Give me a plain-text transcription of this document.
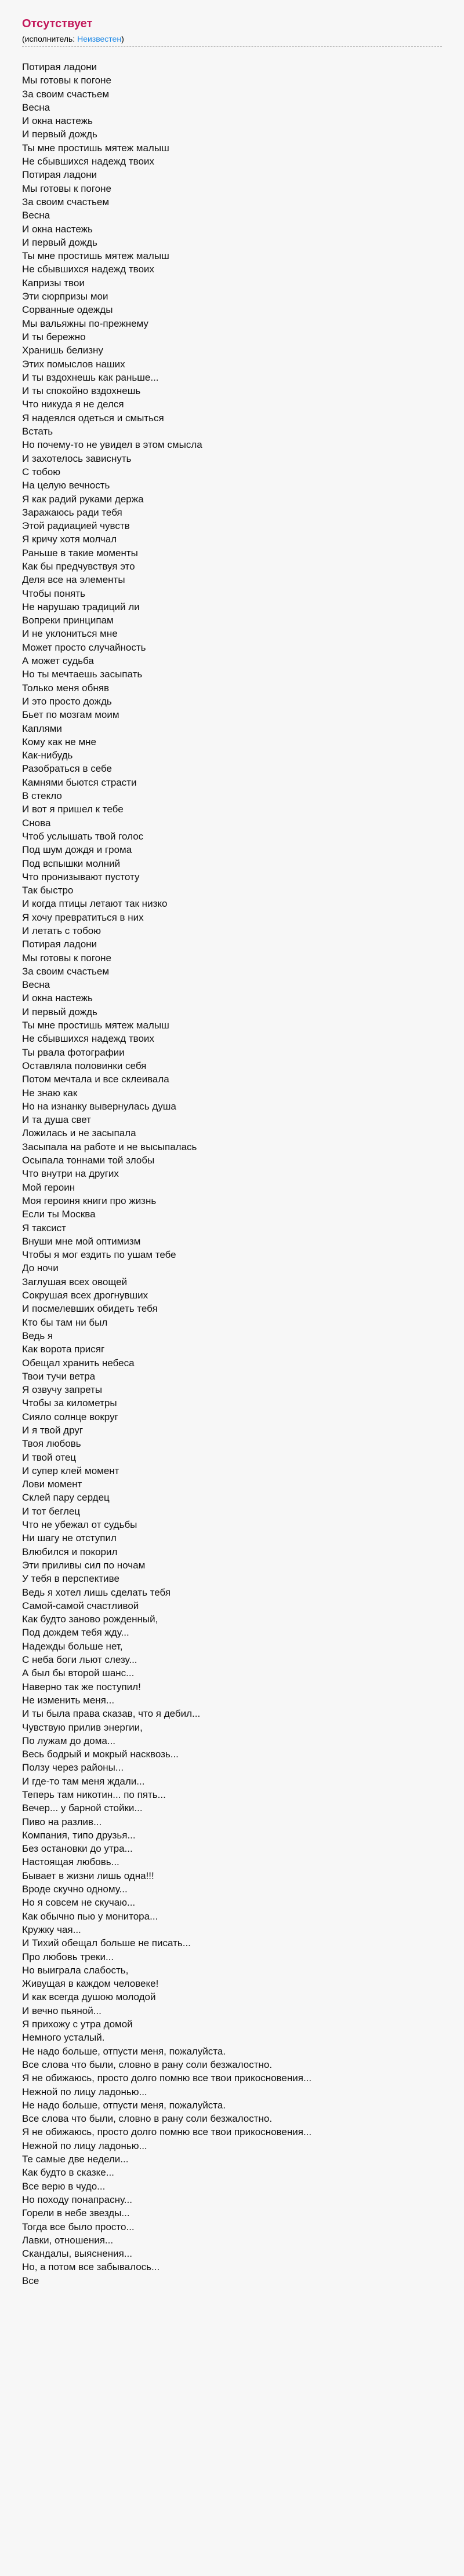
Отсутствует
(исполнитель: Неизвестен)
Потирая ладони
Мы готовы к погоне
За своим счастьем
Весна
И окна настежь
И первый дождь
Ты мне простишь мятеж малыш
Не сбывшихся надежд твоих
Потирая ладони
Мы готовы к погоне
За своим счастьем
Весна
И окна настежь
И первый дождь
Ты мне простишь мятеж малыш
Не сбывшихся надежд твоих
Капризы твои
Эти сюрпризы мои
Сорванные одежды
Мы вальяжны по-прежнему
И ты бережно
Хранишь белизну
Этих помыслов наших
И ты вздохнешь как раньше...
И ты спокойно вздохнешь
Что никуда я не делся
Я надеялся одеться и смыться
Встать
Но почему-то не увидел в этом смысла
И захотелось зависнуть
С тобою
На целую вечность
Я как радий руками держа
Заражаюсь ради тебя
Этой радиацией чувств
Я кричу хотя молчал
Раньше в такие моменты
Как бы предчувствуя это
Деля все на элементы
Чтобы понять
Не нарушаю традиций ли
Вопреки принципам
И не уклониться мне
Может просто случайность
А может судьба
Но ты мечтаешь засыпать
Только меня обняв
И это просто дождь
Бьет по мозгам моим
Каплями
Кому как не мне
Как-нибудь
Разобраться в себе
Камнями бьются страсти
В стекло
И вот я пришел к тебе
Снова
Чтоб услышать твой голос
Под шум дождя и грома
Под вспышки молний
Что пронизывают пустоту
Так быстро
И когда птицы летают так низко
Я хочу превратиться в них
И летать с тобою
Потирая ладони
Мы готовы к погоне
За своим счастьем
Весна
И окна настежь
И первый дождь
Ты мне простишь мятеж малыш
Не сбывшихся надежд твоих
Ты рвала фотографии
Оставляла половинки себя
Потом мечтала и все склеивала
Не знаю как
Но на изнанку вывернулась душа
И та душа свет
Ложилась и не засыпала
Засыпала на работе и не высыпалась
Осыпала тоннами той злобы
Что внутри на других
Мой героин
Моя героиня книги про жизнь
Если ты Москва
Я таксист
Внуши мне мой оптимизм
Чтобы я мог ездить по ушам тебе
До ночи
Заглушая всех овощей
Сокрушая всех дрогнувших
И посмелевших обидеть тебя
Кто бы там ни был
Ведь я
Как ворота присяг
Обещал хранить небеса
Твои тучи ветра
Я озвучу запреты
Чтобы за километры
Сияло солнце вокруг
И я твой друг
Твоя любовь
И твой отец
И супер клей момент
Лови момент
Склей пару сердец
И тот беглец
Что не убежал от судьбы
Ни шагу не отступил
Влюбился и покорил
Эти приливы сил по ночам
У тебя в перспективе
Ведь я хотел лишь сделать тебя
Самой-самой счастливой
Как будто заново рожденный,
Под дождем тебя жду...
Надежды больше нет,
С неба боги льют слезу...
А был бы второй шанс...
Наверно так же поступил!
Не изменить меня...
И ты была права сказав, что я дебил...
Чувствую прилив энергии,
По лужам до дома...
Весь бодрый и мокрый насквозь...
Ползу через районы...
И где-то там меня ждали...
Теперь там никотин... по пять...
Вечер... у барной стойки...
Пиво на разлив...
Компания, типо друзья...
Без остановки до утра...
Настоящая любовь...
Бывает в жизни лишь одна!!!
Вроде скучно одному...
Но я совсем не скучаю...
Как обычно пью у монитора...
Кружку чая...
И Тихий обещал больше не писать...
Про любовь треки...
Но выиграла слабость,
Живущая в каждом человеке!
И как всегда душою молодой
И вечно пьяной...
Я прихожу с утра домой
Немного усталый.
Не надо больше, отпусти меня, пожалуйста.
Все слова что были, словно в рану соли безжалостно.
Я не обижаюсь, просто долго помню все твои прикосновения...
Нежной по лицу ладонью...
Не надо больше, отпусти меня, пожалуйста.
Все слова что были, словно в рану соли безжалостно.
Я не обижаюсь, просто долго помню все твои прикосновения...
Нежной по лицу ладонью...
Те самые две недели...
Как будто в сказке...
Все верю в чудо...
Но походу понапрасну...
Горели в небе звезды...
Тогда все было просто...
Лавки, отношения...
Скандалы, выяснения...
Но, а потом все забывалось...
Все
